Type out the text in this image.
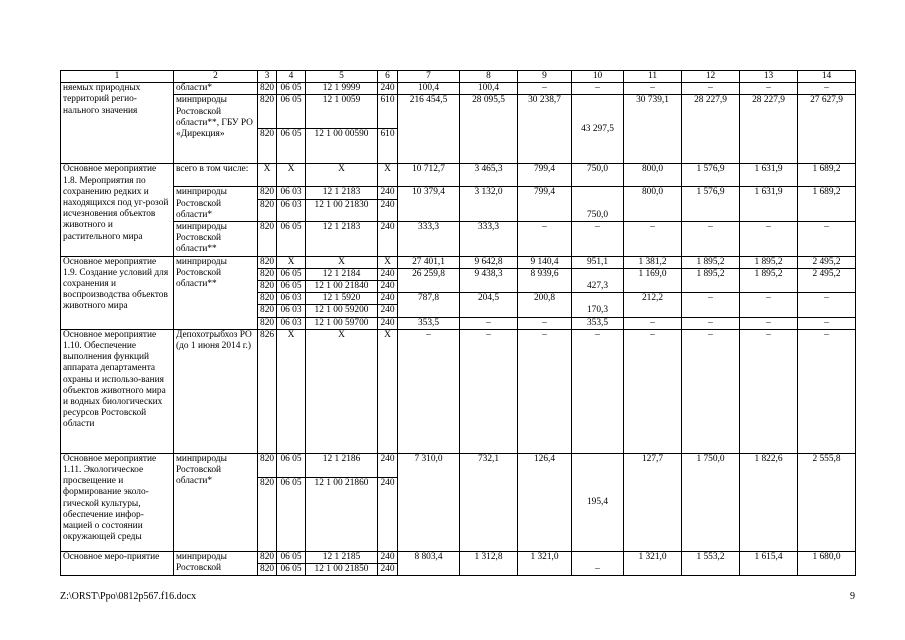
1	2	3	4	5	6	7	8	9	10	11	12	13	14
няемых природных территорий регио-нального значения	области*	820	06 05	12 1 9999	240	100,4	100,4	–	–	–	–	–	–
	минприроды Ростовской области**, ГБУ РО «Дирекция»	820	06 05	12 1 0059	610	216 454,5	28 095,5	30 238,7	43 297,5	30 739,1	28 227,9	28 227,9	27 627,9
		820	06 05	12 1 00 00590	610								
Основное мероприятие 1.8. Мероприятия по сохранению редких и находящихся под уг-розой исчезновения объектов животного и растительного мира	всего в том числе:	Х	Х	Х	Х	10 712,7	3 465,3	799,4	750,0	800,0	1 576,9	1 631,9	1 689,2
	минприроды Ростовской области*	820	06 03	12 1 2183	240	10 379,4	3 132,0	799,4	750,0	800,0	1 576,9	1 631,9	1 689,2
		820	06 03	12 1 00 21830	240								
	минприроды Ростовской области**	820	06 05	12 1 2183	240	333,3	333,3	–	–	–	–	–	–
Основное мероприятие 1.9. Создание условий для сохранения и воспроизводства объектов животного мира	минприроды Ростовской области**	820	Х	Х	Х	27 401,1	9 642,8	9 140,4	951,1	1 381,2	1 895,2	1 895,2	2 495,2
		820	06 05	12 1 2184	240	26 259,8	9 438,3	8 939,6	427,3	1 169,0	1 895,2	1 895,2	2 495,2
		820	06 05	12 1 00 21840	240								
		820	06 03	12 1 5920	240	787,8	204,5	200,8	170,3	212,2	–	–	–
		820	06 03	12 1 00 59200	240								
		820	06 03	12 1 00 59700	240	353,5	–	–	353,5	–	–	–	–
Основное мероприятие 1.10. Обеспечение выполнения функций аппарата департамента охраны и использо-вания объектов животного мира и водных биологических ресурсов Ростовской области	Депохотрыбхоз РО (до 1 июня 2014 г.)	826	Х	Х	Х	–	–	–	–	–	–	–	–
Основное мероприятие 1.11. Экологическое просвещение и формирование эколо-гической культуры, обеспечение инфор-мацией о состоянии окружающей среды	минприроды Ростовской области*	820	06 05	12 1 2186	240	7 310,0	732,1	126,4	195,4	127,7	1 750,0	1 822,6	2 555,8
		820	06 05	12 1 00 21860	240								
Основное меро-приятие	минприроды Ростовской	820	06 05	12 1 2185	240	8 803,4	1 312,8	1 321,0	–	1 321,0	1 553,2	1 615,4	1 680,0
		820	06 05	12 1 00 21850	240								
Z:\ORST\Ppo\0812p567.f16.docx	9
